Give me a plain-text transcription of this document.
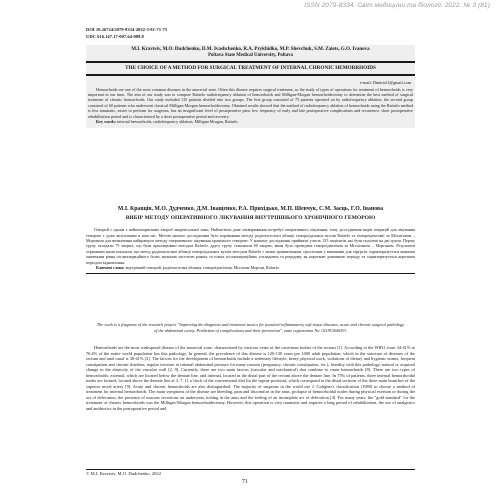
ISSN 2079-8334. Світ медицини та біології. 2022. № 3 (81)
DOI 10.26724/2079-8334-2022-3-81-71-75
UDC 616.147.17-007.64-089.8
M.I. Kravtsiv, M.O. Dudchenko, D.M. Ivashchenko, R.A. Prykhidko, M.P. Shevchuk, S.M. Zaiets, G.O. Ivanova
Poltava State Medical University, Poltava
THE CHOICE OF A METHOD FOR SURGICAL TREATMENT OF INTERNAL CHRONIC HEMORRHOIDS
e-mail: Dmitriol1@gmail.com
Hemorrhoids are one of the most common diseases in the anorectal zone. Often this disease requires surgical treatment, so the study of types of operations for treatment of hemorrhoids is very important in our time. The aim of our study was to compare Rafaelo radiofrequency ablation of hemorrhoids and Milligan-Morgan hemorrhoidectomy to determine the best method of surgical treatment of chronic hemorrhoids. Our study included 135 patients divided into two groups. The first group consisted of 75 patients operated on by radiofrequency ablation, the second group consisted of 60 patients who underwent classical Milligan-Morgan hemorrhoidectomy. Obtained results showed that the method of radiofrequency ablation of hemorrhoids using the Rafaelo method is less traumatic, easier to perform for surgeons, has an insignificant level of postoperative pain, low frequency of early and late postoperative complications and recurrence, short postoperative rehabilitation period and is characterized by a short postoperative period and recovery.
Key words: internal hemorrhoids, radiofrequency ablation, Milligan-Morgan, Rafaelo.
М.І. Кравців, М.О. Дудченко, Д.М. Іващенко, Р.А. Прихідько, М.П. Шевчук, С.М. Заєць, Г.О. Іванова
ВИБІР МЕТОДУ ОПЕРАТИВНОГО ЛІКУВАННЯ ВНУТРІШНЬОГО ХРОНІЧНОГО ГЕМОРОЮ
Геморой є одним з найпоширеніших хвороб аноректальної зони. Найчастіше дане захворювання потребує оперативного лікування, тому дослідження видів операцій для лікування геморою є дуже актуальним в наш час. Метою нашого дослідження було порівняння методу радіочастотної абляції гемороїдальних вузлів Rafaelo та гемороїдектомії за Мілліганом – Морганом для визначення найкращого методу оперативного лікування хронічного геморою. У нашому дослідженні прийняли участь 135 пацієнтів, які були поділені на дві групи. Першу групу складали 75 хворих, що були прооперовані методом Rafaelo, другу групу становили 60 хворих, яким була проведена гемороїдектомія за Мілліганом – Морганом. Результати отриманих нами показали, що метод радіочастотної абляції гемороїдальних вузлів методом Rafaelo є менш травматичним, простішим у виконанні для хірургів, характеризується низьким значенням рівня післяопераційного болю, низькою частотою ранніх та пізніх післяопераційних ускладнень та рецидиву, як короткою довжиною періоду та характеризується коротким періодом відновлення.
Ключові слова: внутрішній геморой, радіочастотна абляція, гемороїдектомія, Мілліган-Морган, Rafaelo.
The work is a fragment of the research project "Improving the diagnosis and treatment tactics for purulent-inflammatory soft tissue diseases, acute and chronic surgical pathology of the abdominal cavity. Prediction of complications and their prevention", state registration No. 0119U006053.
Hemorrhoids are the most widespread disease of the anorectal zone, characterized by varicose veins of the cavernous bodies of the rectum [1]. According to the WHO, from 34-41% to 76.4% of the entire world population has this pathology. In general, the prevalence of this disease is 120-130 cases per 1000 adult population, which in the structure of diseases of the rectum and anal canal is 38-41% [2]. The factors for the development of hemorrhoids include a sedentary lifestyle, heavy physical work, violations of dietary and hygienic norms, frequent constipation and chronic diarrhea, regular increase in internal abdominal pressure for many reasons (pregnancy, chronic constipation, etc.), heredity with this pathology, natural or acquired change in the elasticity of the vascular wall [2, 9]. Currently, there are two main factors (vascular and mechanical) that combine to cause hemorrhoids [8]. There are two types of hemorrhoids: external, which are located below the dentate line, and internal, located in the distal part of the rectum above the dentate line. In 75% of patients, three internal hemorrhoidal nodes are formed, located above the dentate line at 3, 7, 11 o'clock of the conventional dial (in the supine position), which correspond to the distal sections of the three main branches of the superior rectal artery [9]. Acute and chronic hemorrhoids are also distinguished. The majority of surgeons in the world use J. Goligher's classification (1980) to choose a method of treatment for internal hemorrhoids. The main symptoms of the disease are bleeding, pain and discomfort in the anus, prolapse of hemorrhoidal nodes during physical exertion or during the act of defecation, the presence of mucous secretions on underwear, itching in the anus and the feeling of an incomplete act of defecation [4]. For many years, the "gold standard" for the treatment of chronic hemorrhoids was the Milligan-Morgan hemorrhoidectomy. However, this operation is very traumatic and requires a long period of rehabilitation, the use of analgesics and antibiotics in the postoperative period and
© M.I. Kravtsiv, M.O. Dudchenko, 2022
71
